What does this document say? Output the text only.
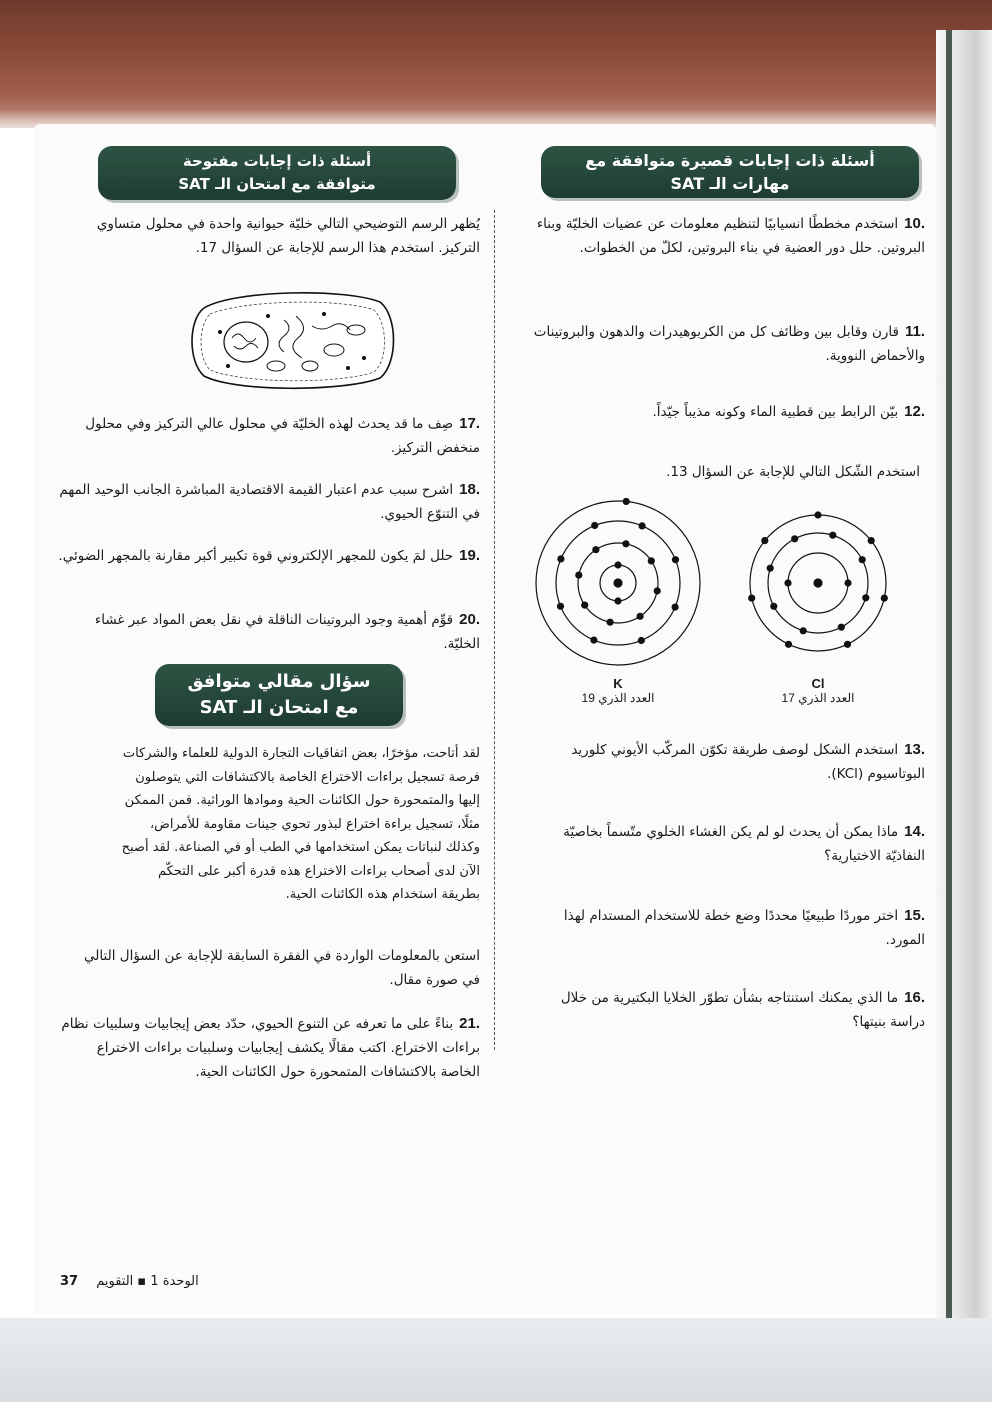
أسئلة ذات إجابات قصيرة متوافقة مع
مهارات الـ SAT
.10استخدم مخططًا انسيابيًا لتنظيم معلومات عن عضيات الخليّة وبناء البروتين. حلل دور العضية في بناء البروتين، لكلّ من الخطوات.
.11قارن وقابل بين وظائف كل من الكربوهيدرات والدهون والبروتينات والأحماض النووية.
.12بيّن الرابط بين قطبية الماء وكونه مذيباً جيّداً.
استخدم الشّكل التالي للإجابة عن السؤال 13.
K
العدد الذري 19
Cl
العدد الذري 17
.13استخدم الشكل لوصف طريقة تكوّن المركّب الأيوني كلوريد البوتاسيوم (KCl).
.14ماذا يمكن أن يحدث لو لم يكن الغشاء الخلوي متّسماً بخاصيّة النفاذيّة الاختيارية؟
.15اختر موردًا طبيعيًا محددًا وضع خطة للاستخدام المستدام لهذا المورد.
.16ما الذي يمكنك استنتاجه بشأن تطوّر الخلايا البكتيرية من خلال دراسة بنيتها؟
أسئلة ذات إجابات مفتوحة
متوافقة مع امتحان الـ SAT
يُظهر الرسم التوضيحي التالي خليّة حيوانية واحدة في محلول متساوي التركيز. استخدم هذا الرسم للإجابة عن السؤال 17.
.17صِف ما قد يحدث لهذه الخليّة في محلول عالي التركيز وفي محلول منخفض التركيز.
.18اشرح سبب عدم اعتبار القيمة الاقتصادية المباشرة الجانب الوحيد المهم في التنوّع الحيوي.
.19حلل لمَ يكون للمجهر الإلكتروني قوة تكبير أكبر مقارنة بالمجهر الضوئي.
.20قوِّم أهمية وجود البروتينات الناقلة في نقل بعض المواد عبر غشاء الخليّة.
سؤال مقالي متوافق
مع امتحان الـ SAT
لقد أتاحت، مؤخرًا، بعض اتفاقيات التجارة الدولية للعلماء والشركات فرصة تسجيل براءات الاختراع الخاصة بالاكتشافات التي يتوصلون إليها والمتمحورة حول الكائنات الحية وموادها الوراثية. فمن الممكن مثلًا، تسجيل براءة اختراع لبذور تحوي جينات مقاومة للأمراض، وكذلك لنباتات يمكن استخدامها في الطب أو في الصناعة. لقد أصبح الآن لدى أصحاب براءات الاختراع هذه قدرة أكبر على التحكّم بطريقة استخدام هذه الكائنات الحية.
استعن بالمعلومات الواردة في الفقرة السابقة للإجابة عن السؤال التالي في صورة مقال.
.21بناءً على ما تعرفه عن التنوع الحيوي، حدّد بعض إيجابيات وسلبيات نظام براءات الاختراع. اكتب مقالًا يكشف إيجابيات وسلبيات براءات الاختراع الخاصة بالاكتشافات المتمحورة حول الكائنات الحية.
37 الوحدة 1 ▪ التقويم
